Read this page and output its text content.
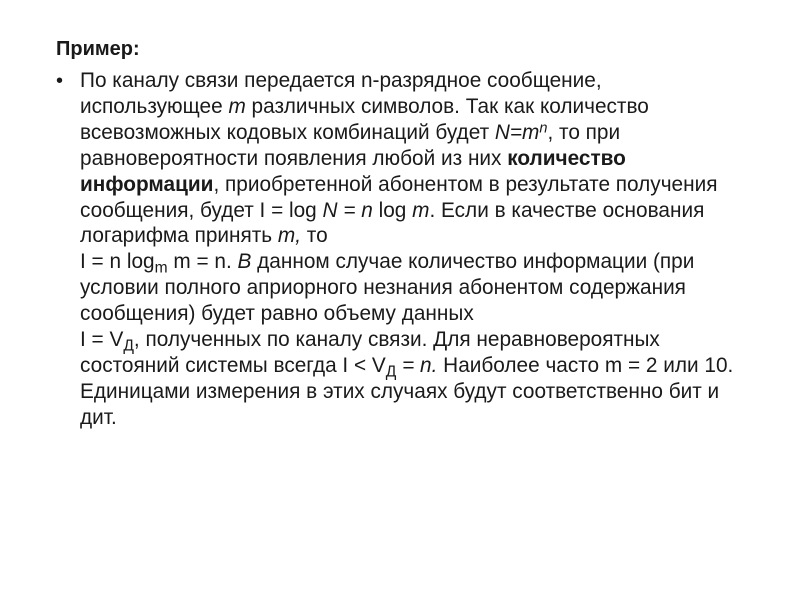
Пример:
• По каналу связи передается n-разрядное сообщение, использующее m различных символов. Так как количество всевозможных кодовых комбинаций будет $N=m^n$, то при равновероятности появления любой из них количество информации, приобретенной абонентом в результате получения сообщения, будет I = log N = n log m. Если в качестве основания логарифма принять m, то
I = n $\log_m m = n$. В данном случае количество информации (при условии полного априорного незнания абонентом содержания сообщения) будет равно объему данных
$I = V_Д$, полученных по каналу связи. Для неравновероятных состояний системы всегда $I < V_Д = n$. Наиболее часто m = 2 или 10. Единицами измерения в этих случаях будут соответственно бит и дит.
